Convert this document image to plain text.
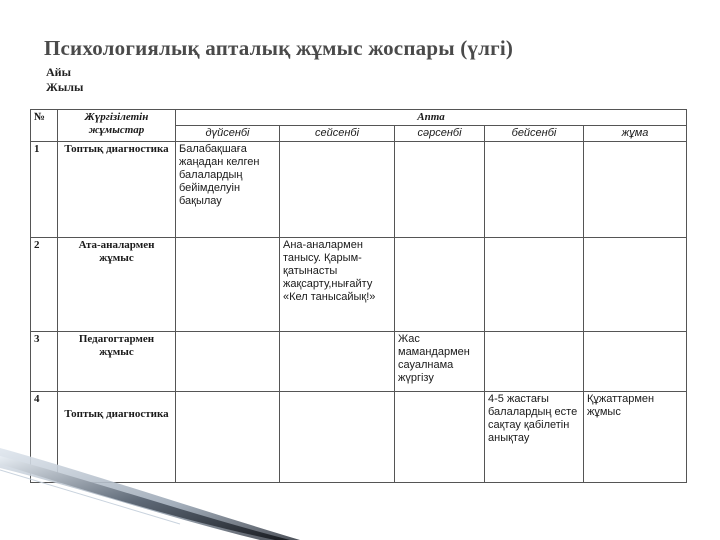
Психологиялық апталық жұмыс жоспары (үлгі)
Айы
Жылы
№	Жүргізілетін жұмыстар	Апта				
		дүйсенбі	сейсенбі	сәрсенбі	бейсенбі	жұма
1	Топтық диагностика	Балабақшаға жаңадан келген балалардың бейімделуін бақылау				
2	Ата-аналармен жұмыс		Ана-аналармен танысу. Қарым-қатынасты жақсарту,нығайту «Кел танысайық!»			
3	Педагогтармен жұмыс			Жас мамандармен сауалнама жүргізу		
4	Топтық диагностика				4-5 жастағы балалардың есте сақтау қабілетін анықтау	Құжаттармен жұмыс
